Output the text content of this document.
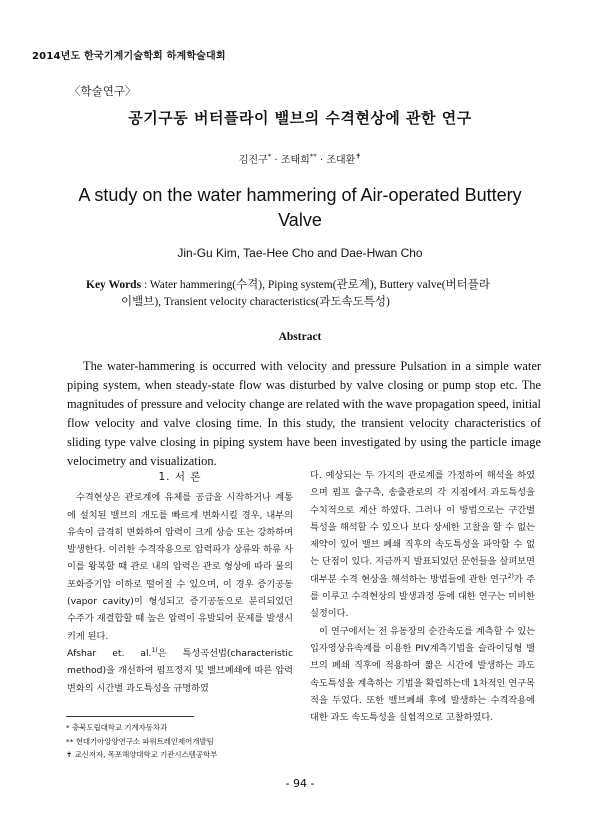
2014년도 한국기계기술학회 하계학술대회
〈학술연구〉
공기구동 버터플라이 밸브의 수격현상에 관한 연구
김진구* · 조태희** · 조대환✝
A study on the water hammering of Air-operated Buttery Valve
Jin-Gu Kim, Tae-Hee Cho and Dae-Hwan Cho
Key Words : Water hammering(수격), Piping system(관로계), Buttery valve(버터플라
이밸브), Transient velocity characteristics(과도속도특성)
Abstract
The water-hammering is occurred with velocity and pressure Pulsation in a simple water piping system, when steady-state flow was disturbed by valve closing or pump stop etc. The magnitudes of pressure and velocity change are related with the wave propagation speed, initial flow velocity and valve closing time. In this study, the transient velocity characteristics of sliding type valve closing in piping system have been investigated by using the particle image velocimetry and visualization.
1. 서 론

수격현상은 관로계에 유체를 공급을 시작하거나 계통에 설치된 밸브의 개도를 빠르게 변화시킬 경우, 내부의 유속이 급격히 변화하여 압력이 크게 상승 또는 강하하며 발생한다. 이러한 수격작용으로 압력파가 상류와 하류 사이를 왕복할 때 관로 내의 압력은 관로 형상에 따라 물의 포화증기압 이하로 떨어질 수 있으며, 이 경우 증기공동(vapor cavity)이 형성되고 증기공동으로 분리되었던 수주가 재결합할 때 높은 압력이 유발되어 문제를 발생시키게 된다.

Afshar et. al.$^{1)}$은 특성곡선법(characteristic method)을 개선하여 펌프정지 및 밸브폐쇄에 따른 압력 변화의 시간별 과도특성을 규명하였

다. 예상되는 두 가지의 관로계를 가정하여 해석을 하였으며 펌프 출구측, 송출관로의 각 지점에서 과도특성을 수치적으로 계산 하였다. 그러나 이 방법으로는 구간별 특성을 해석할 수 있으나 보다 상세한 고찰을 할 수 없는 제약이 있어 밸브 폐쇄 직후의 속도특성을 파악할 수 없는 단점이 있다. 지금까지 발표되었던 문헌들을 살펴보면 대부분 수격 현상을 해석하는 방법들에 관한 연구$^{2)}$가 주를 이루고 수격현상의 발생과정 등에 대한 연구는 미비한 실정이다.

이 연구에서는 전 유동장의 순간속도를 계측할 수 있는 입자영상유속계를 이용한 PIV계측기법을 슬라이딩형 밸브의 폐쇄 직후에 적용하여 짧은 시간에 발생하는 과도 속도특성을 계측하는 기법을 확립하는데 1차적인 연구목적을 두었다. 또한 밸브폐쇄 후에 발생하는 수격작용에 대한 과도 속도특성을 실험적으로 고찰하였다.

* 충북도립대학교 기계자동차과
** 현대기아앙양연구소 파워트레인제어개발팀
✝ 교신저자, 목포해양대학교 기관시스템공학부
- 94 -
